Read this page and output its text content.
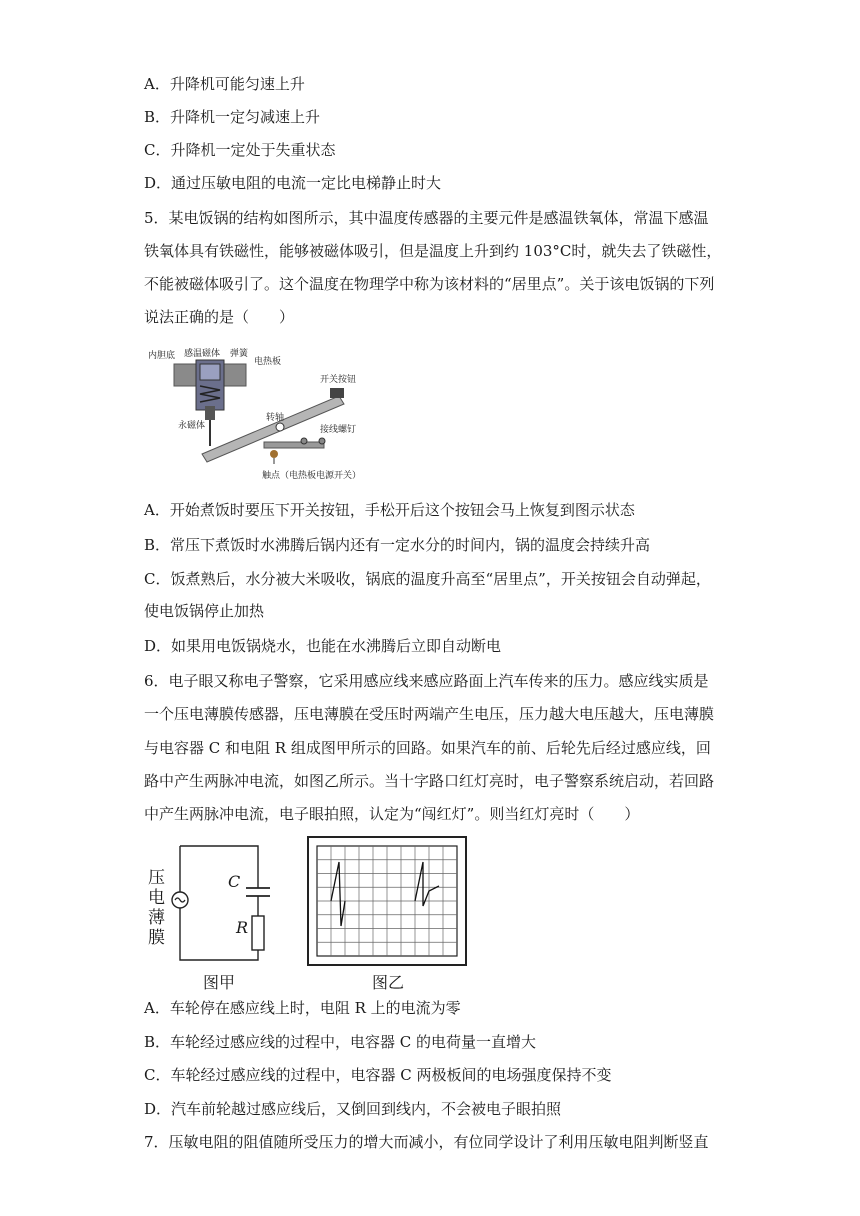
A．升降机可能匀速上升
B．升降机一定匀减速上升
C．升降机一定处于失重状态
D．通过压敏电阻的电流一定比电梯静止时大
5．某电饭锅的结构如图所示，其中温度传感器的主要元件是感温铁氧体，常温下感温
铁氧体具有铁磁性，能够被磁体吸引，但是温度上升到约 103°C时，就失去了铁磁性，
不能被磁体吸引了。这个温度在物理学中称为该材料的“居里点”。关于该电饭锅的下列
说法正确的是（　　）
内胆底 感温磁体 弹簧
电热板
开关按钮
转轴
永磁体	接线螺钉
触点（电热板电源开关）
A．开始煮饭时要压下开关按钮，手松开后这个按钮会马上恢复到图示状态
B．常压下煮饭时水沸腾后锅内还有一定水分的时间内，锅的温度会持续升高
C．饭煮熟后，水分被大米吸收，锅底的温度升高至“居里点”，开关按钮会自动弹起，
使电饭锅停止加热
D．如果用电饭锅烧水，也能在水沸腾后立即自动断电
6．电子眼又称电子警察，它采用感应线来感应路面上汽车传来的压力。感应线实质是
一个压电薄膜传感器，压电薄膜在受压时两端产生电压，压力越大电压越大，压电薄膜
与电容器 C 和电阻 R 组成图甲所示的回路。如果汽车的前、后轮先后经过感应线，回
路中产生两脉冲电流，如图乙所示。当十字路口红灯亮时，电子警察系统启动，若回路
中产生两脉冲电流，电子眼拍照，认定为“闯红灯”。则当红灯亮时（　　）
压电薄膜
C
R
图甲	图乙
A．车轮停在感应线上时，电阻 R 上的电流为零
B．车轮经过感应线的过程中，电容器 C 的电荷量一直增大
C．车轮经过感应线的过程中，电容器 C 两极板间的电场强度保持不变
D．汽车前轮越过感应线后，又倒回到线内，不会被电子眼拍照
7．压敏电阻的阻值随所受压力的增大而减小，有位同学设计了利用压敏电阻判断竖直
